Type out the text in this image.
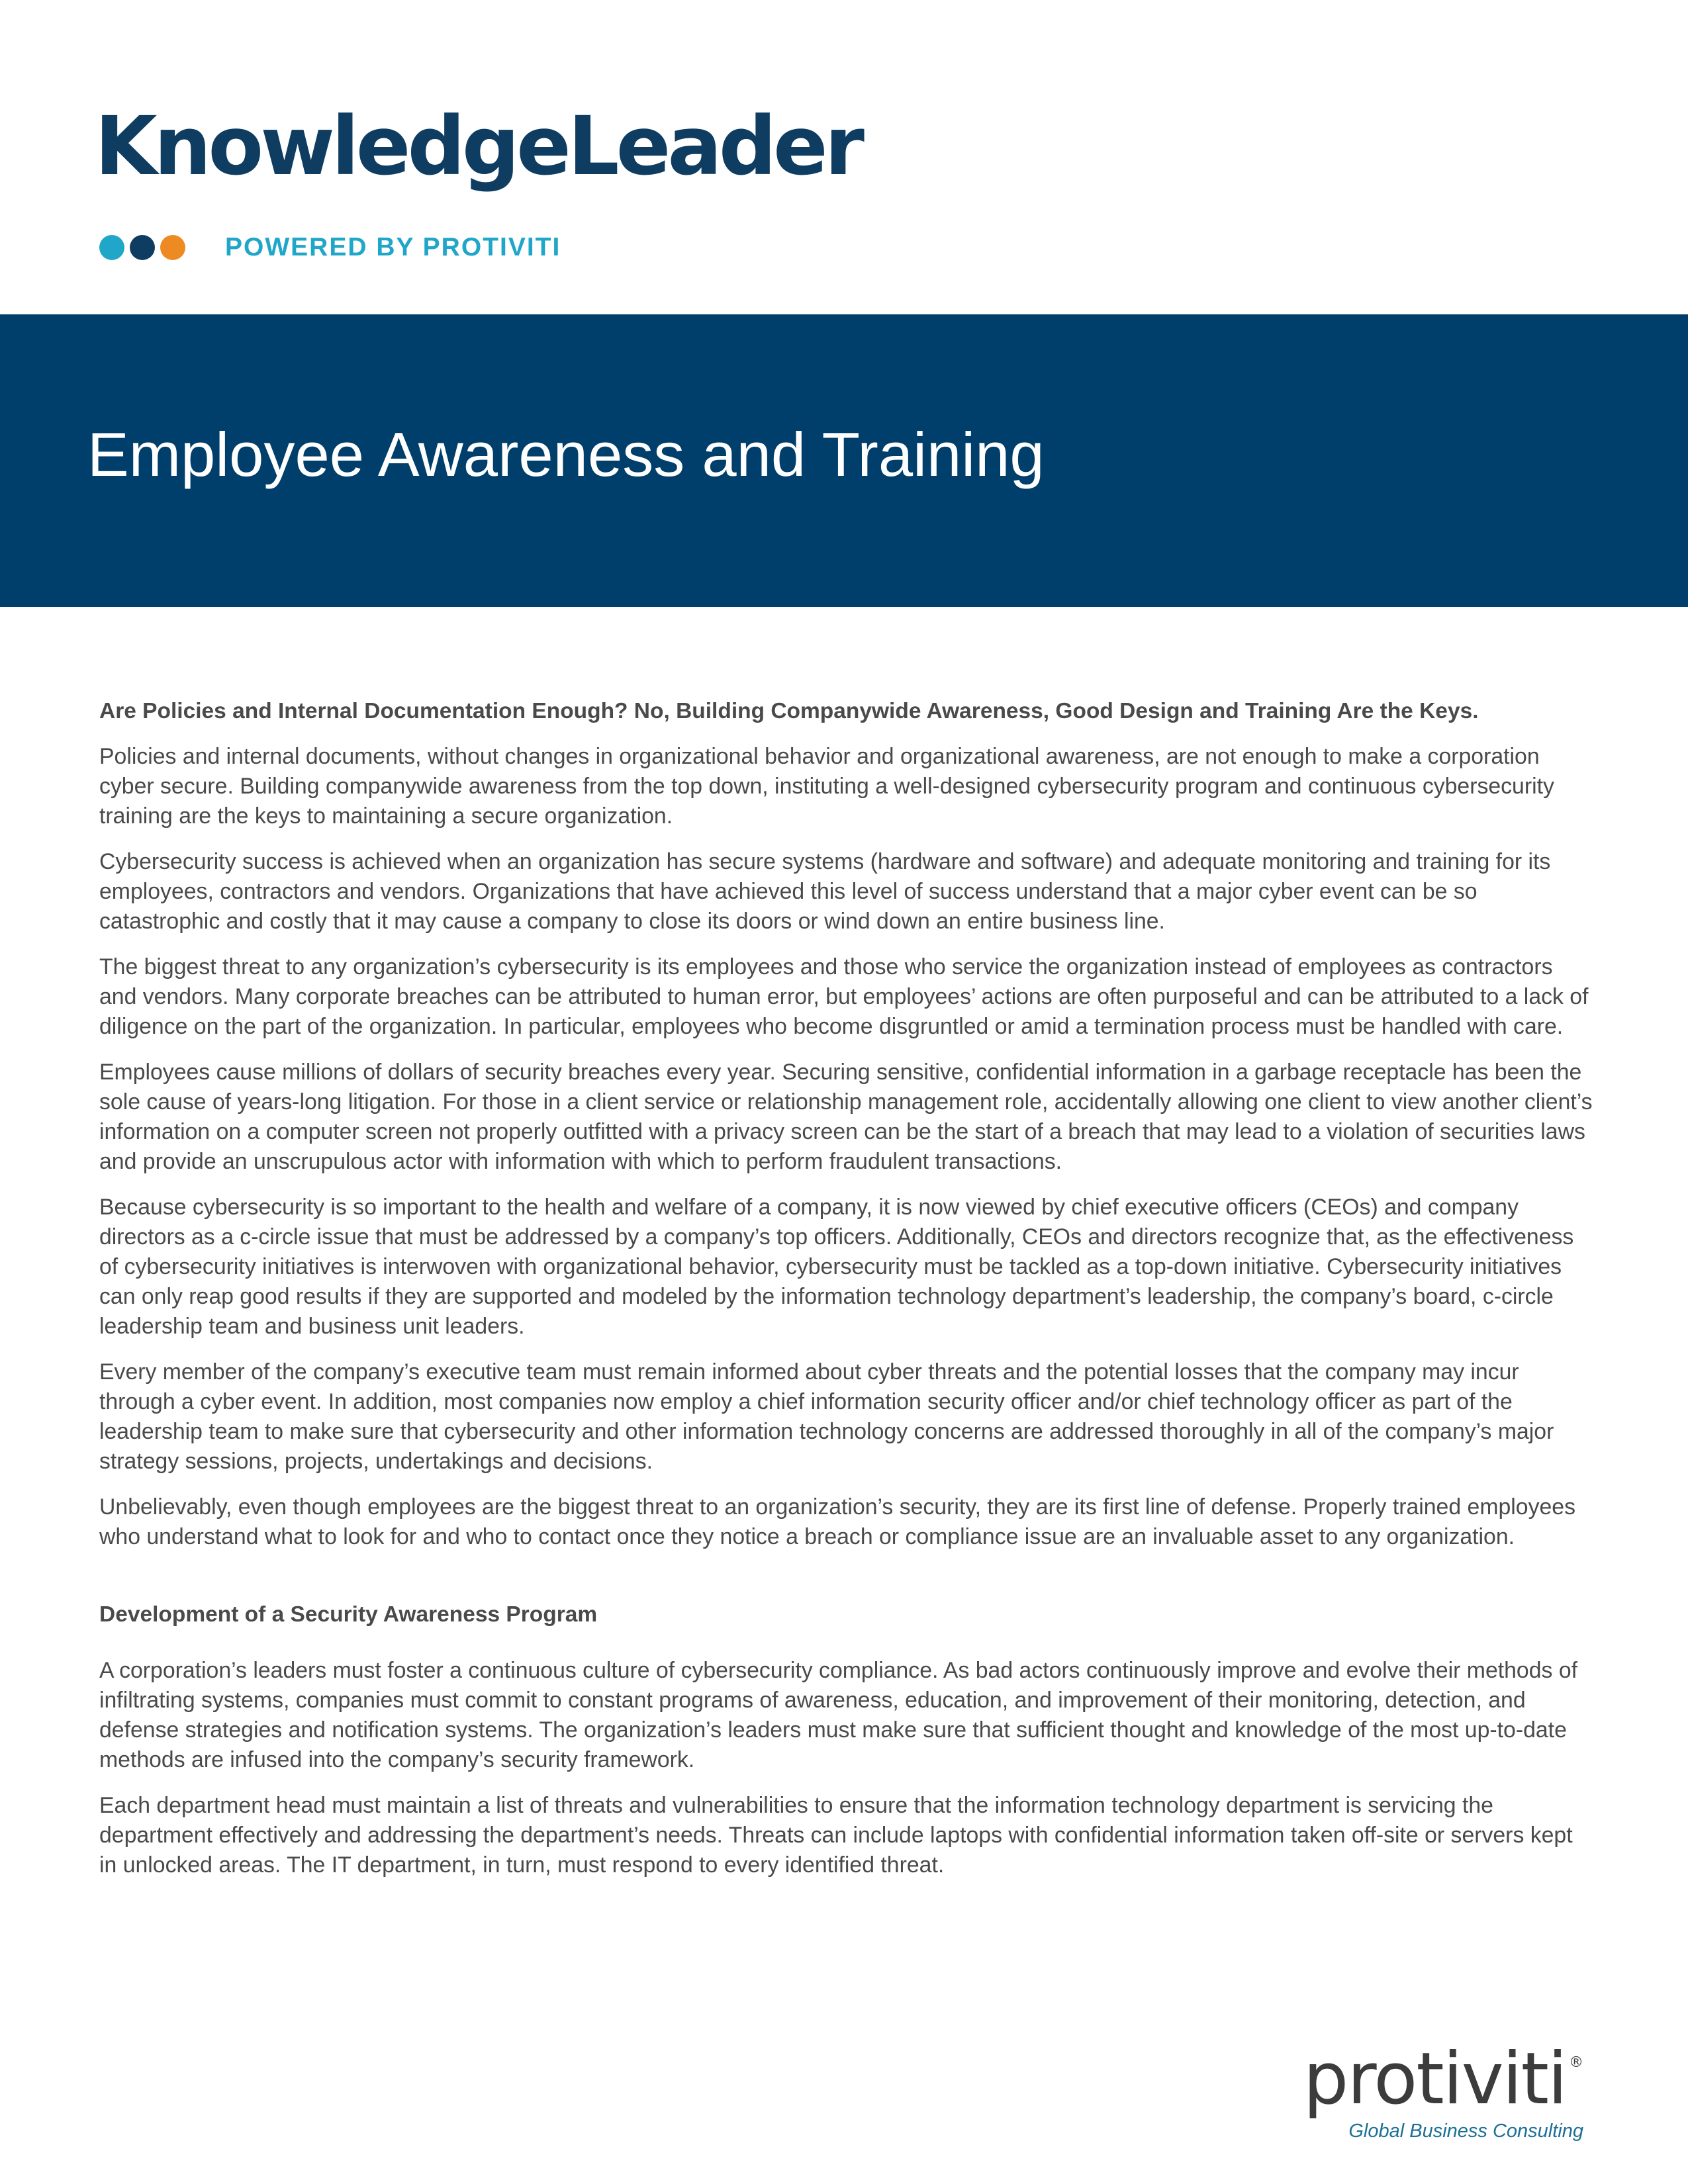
KnowledgeLeader
POWERED BY PROTIVITI
Employee Awareness and Training
Are Policies and Internal Documentation Enough? No, Building Companywide Awareness, Good Design and Training Are the Keys.

Policies and internal documents, without changes in organizational behavior and organizational awareness, are not enough to make a corporation cyber secure. Building companywide awareness from the top down, instituting a well-designed cybersecurity program and continuous cybersecurity training are the keys to maintaining a secure organization.

Cybersecurity success is achieved when an organization has secure systems (hardware and software) and adequate monitoring and training for its employees, contractors and vendors. Organizations that have achieved this level of success understand that a major cyber event can be so catastrophic and costly that it may cause a company to close its doors or wind down an entire business line.

The biggest threat to any organization’s cybersecurity is its employees and those who service the organization instead of employees as contractors and vendors. Many corporate breaches can be attributed to human error, but employees’ actions are often purposeful and can be attributed to a lack of diligence on the part of the organization. In particular, employees who become disgruntled or amid a termination process must be handled with care.

Employees cause millions of dollars of security breaches every year. Securing sensitive, confidential information in a garbage receptacle has been the sole cause of years-long litigation. For those in a client service or relationship management role, accidentally allowing one client to view another client’s information on a computer screen not properly outfitted with a privacy screen can be the start of a breach that may lead to a violation of securities laws and provide an unscrupulous actor with information with which to perform fraudulent transactions.

Because cybersecurity is so important to the health and welfare of a company, it is now viewed by chief executive officers (CEOs) and company directors as a c-circle issue that must be addressed by a company’s top officers. Additionally, CEOs and directors recognize that, as the effectiveness of cybersecurity initiatives is interwoven with organizational behavior, cybersecurity must be tackled as a top-down initiative. Cybersecurity initiatives can only reap good results if they are supported and modeled by the information technology department’s leadership, the company’s board, c-circle leadership team and business unit leaders.

Every member of the company’s executive team must remain informed about cyber threats and the potential losses that the company may incur through a cyber event. In addition, most companies now employ a chief information security officer and/or chief technology officer as part of the leadership team to make sure that cybersecurity and other information technology concerns are addressed thoroughly in all of the company’s major strategy sessions, projects, undertakings and decisions.

Unbelievably, even though employees are the biggest threat to an organization’s security, they are its first line of defense. Properly trained employees who understand what to look for and who to contact once they notice a breach or compliance issue are an invaluable asset to any organization.

Development of a Security Awareness Program

A corporation’s leaders must foster a continuous culture of cybersecurity compliance. As bad actors continuously improve and evolve their methods of infiltrating systems, companies must commit to constant programs of awareness, education, and improvement of their monitoring, detection, and defense strategies and notification systems. The organization’s leaders must make sure that sufficient thought and knowledge of the most up-to-date methods are infused into the company’s security framework.

Each department head must maintain a list of threats and vulnerabilities to ensure that the information technology department is servicing the department effectively and addressing the department’s needs. Threats can include laptops with confidential information taken off-site or servers kept in unlocked areas. The IT department, in turn, must respond to every identified threat.

protiviti ®
Global Business Consulting
